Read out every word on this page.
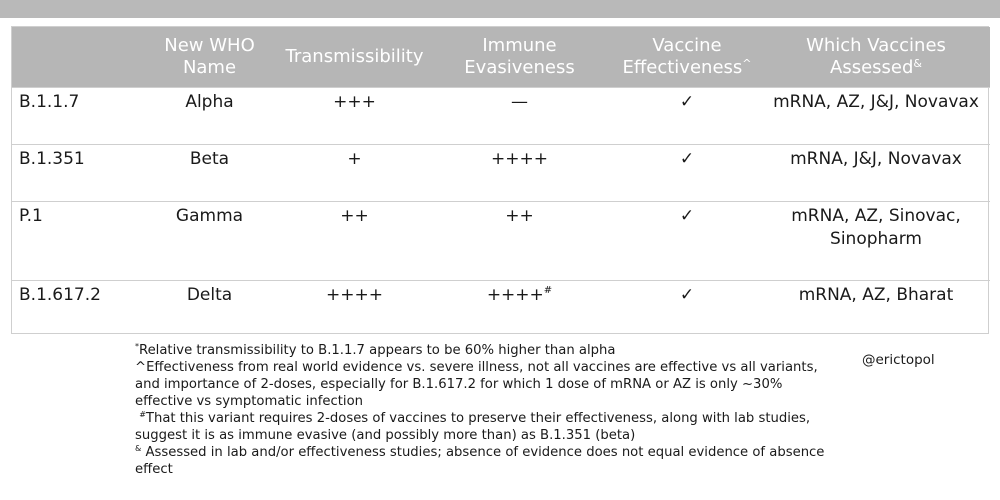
	New WHO Name	Transmissibility	Immune Evasiveness	Vaccine Effectiveness^	Which Vaccines Assessed&
B.1.1.7	Alpha	+++	—	✓	mRNA, AZ, J&J, Novavax
B.1.351	Beta	+	++++	✓	mRNA, J&J, Novavax
P.1	Gamma	++	++	✓	mRNA, AZ, Sinovac, Sinopharm
B.1.617.2	Delta	++++	++++#	✓	mRNA, AZ, Bharat

*Relative transmissibility to B.1.1.7 appears to be 60% higher than alpha

^Effectiveness from real world evidence vs. severe illness, not all vaccines are effective vs all variants, and importance of 2-doses, especially for B.1.617.2 for which 1 dose of mRNA or AZ is only ~30% effective vs symptomatic infection

#That this variant requires 2-doses of vaccines to preserve their effectiveness, along with lab studies, suggest it is as immune evasive (and possibly more than) as B.1.351 (beta)

& Assessed in lab and/or effectiveness studies; absence of evidence does not equal evidence of absence effect

@erictopol
